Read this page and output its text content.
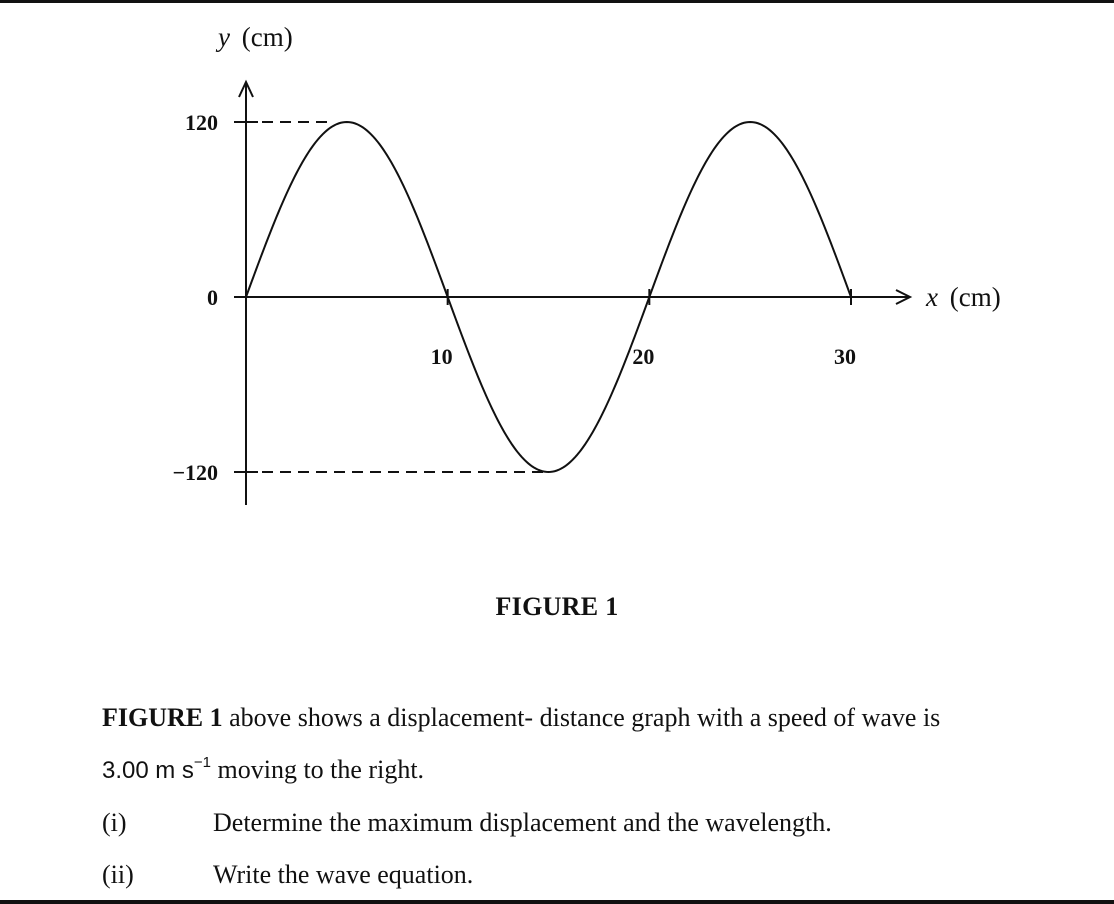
120
0
−120
10	20	30
y (cm)
x (cm)
FIGURE 1
FIGURE 1 above shows a displacement- distance graph with a speed of wave is
3.00 m $s^{-1}$ moving to the right.
(i)	Determine the maximum displacement and the wavelength.
(ii)	Write the wave equation.
